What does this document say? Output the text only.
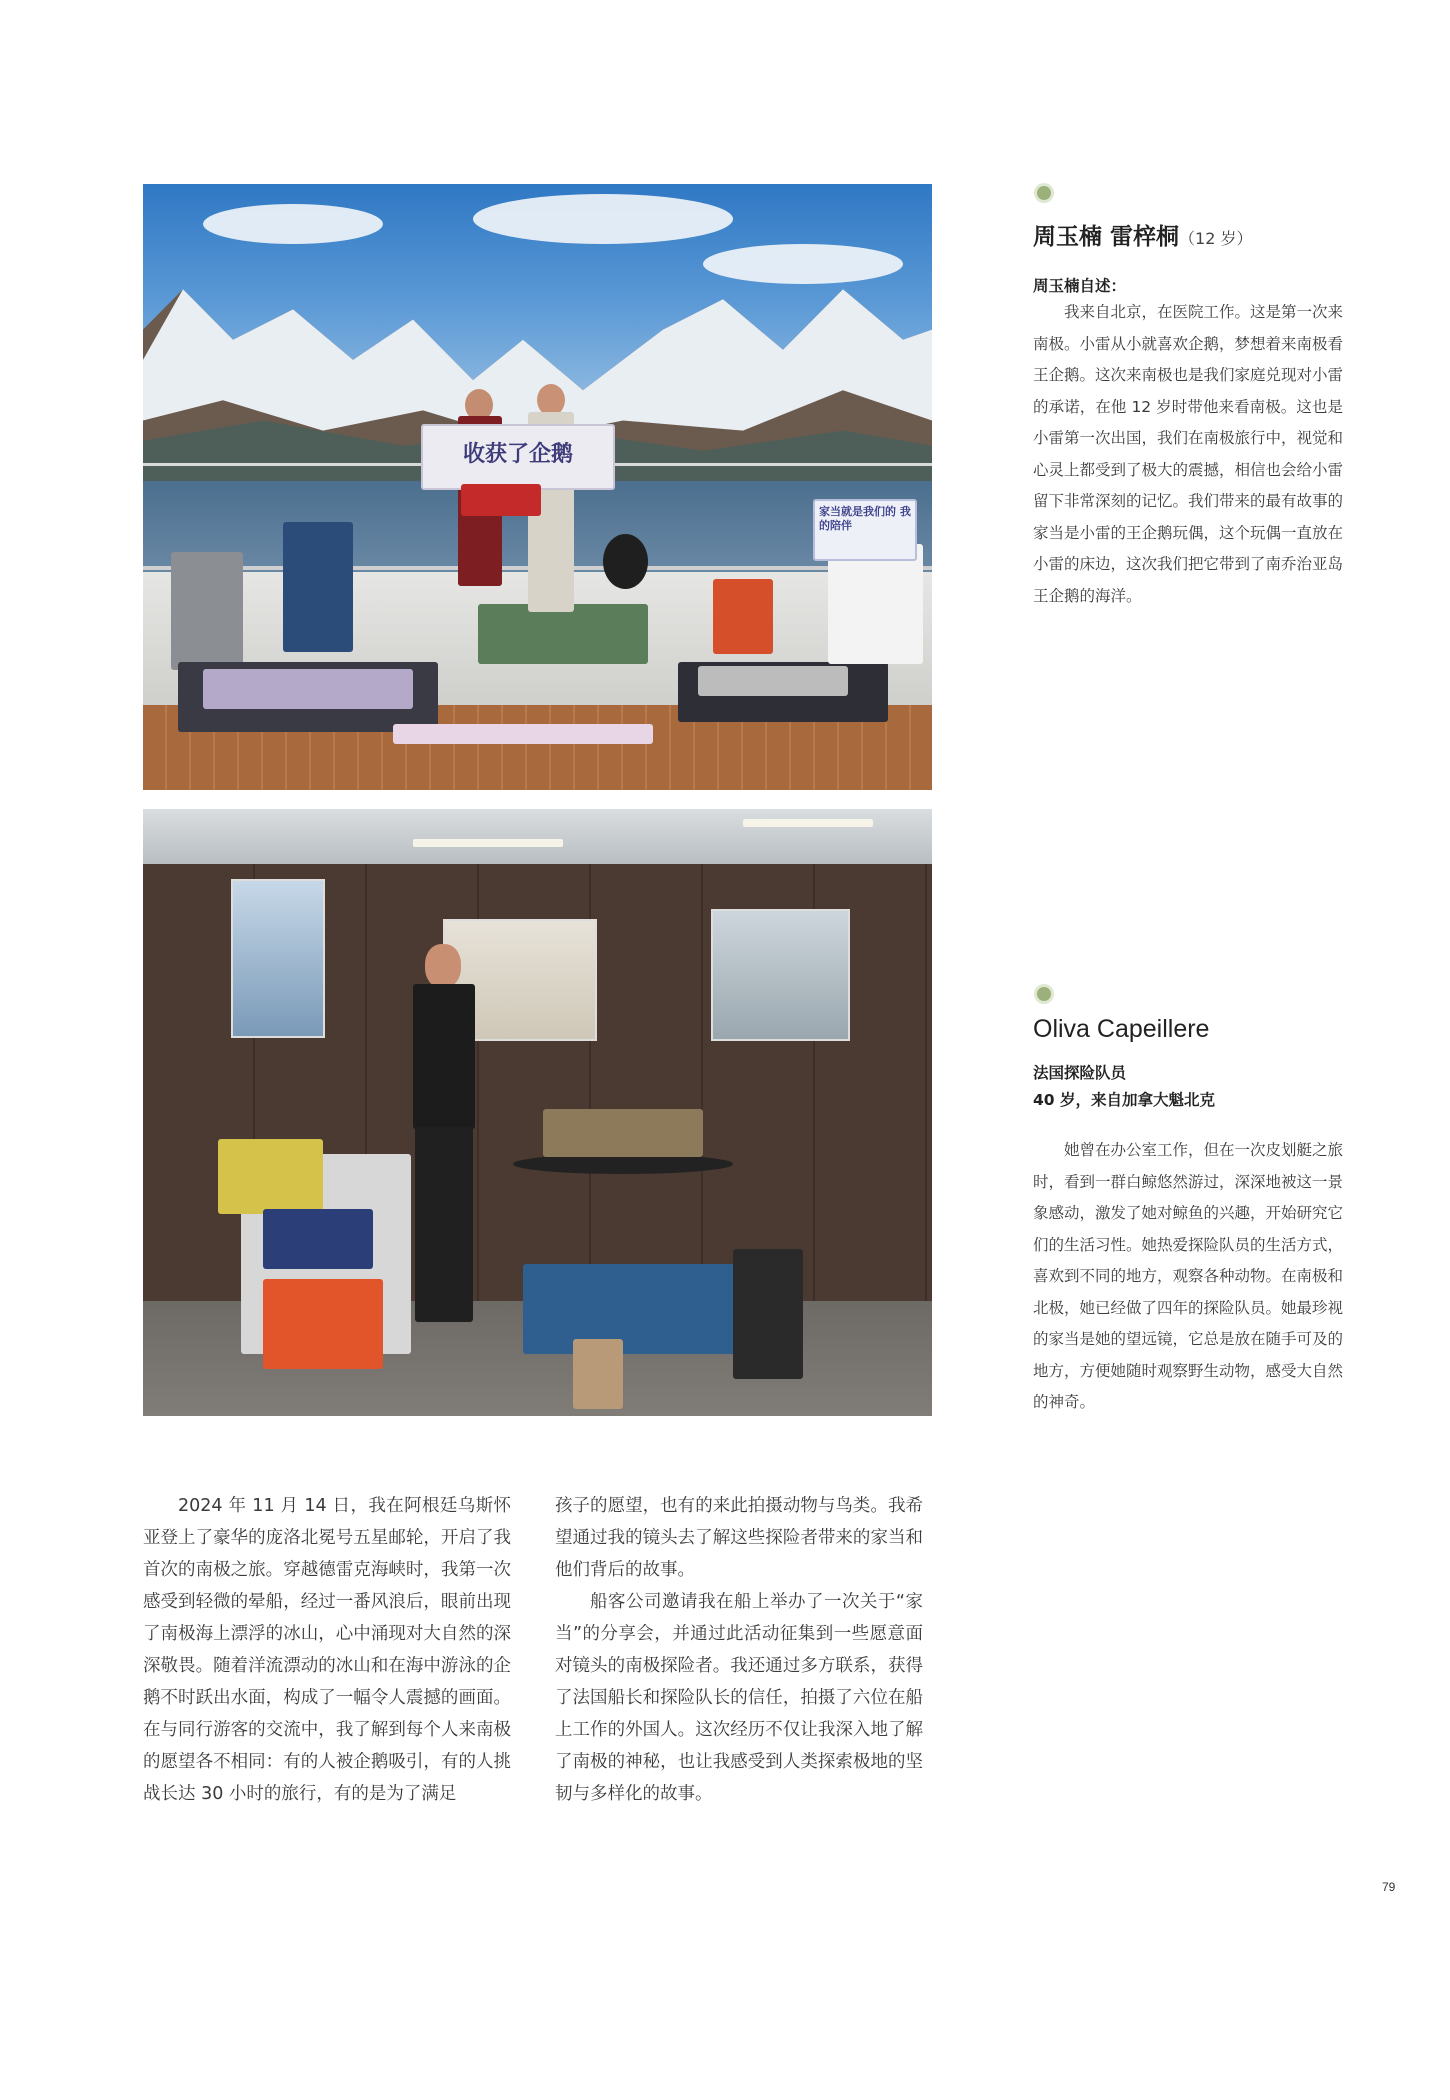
收获了企鹅
家当就是我们的 我的陪伴
周玉楠 雷梓桐（12 岁）
周玉楠自述：

我来自北京，在医院工作。这是第一次来南极。小雷从小就喜欢企鹅，梦想着来南极看王企鹅。这次来南极也是我们家庭兑现对小雷的承诺，在他 12 岁时带他来看南极。这也是小雷第一次出国，我们在南极旅行中，视觉和心灵上都受到了极大的震撼，相信也会给小雷留下非常深刻的记忆。我们带来的最有故事的家当是小雷的王企鹅玩偶，这个玩偶一直放在小雷的床边，这次我们把它带到了南乔治亚岛王企鹅的海洋。

Oliva Capeillere
法国探险队员
40 岁，来自加拿大魁北克

她曾在办公室工作，但在一次皮划艇之旅时，看到一群白鲸悠然游过，深深地被这一景象感动，激发了她对鲸鱼的兴趣，开始研究它们的生活习性。她热爱探险队员的生活方式，喜欢到不同的地方，观察各种动物。在南极和北极，她已经做了四年的探险队员。她最珍视的家当是她的望远镜，它总是放在随手可及的地方，方便她随时观察野生动物，感受大自然的神奇。

2024 年 11 月 14 日，我在阿根廷乌斯怀亚登上了豪华的庞洛北冕号五星邮轮，开启了我首次的南极之旅。穿越德雷克海峡时，我第一次感受到轻微的晕船，经过一番风浪后，眼前出现了南极海上漂浮的冰山，心中涌现对大自然的深深敬畏。随着洋流漂动的冰山和在海中游泳的企鹅不时跃出水面，构成了一幅令人震撼的画面。在与同行游客的交流中，我了解到每个人来南极的愿望各不相同：有的人被企鹅吸引，有的人挑战长达 30 小时的旅行，有的是为了满足

孩子的愿望，也有的来此拍摄动物与鸟类。我希望通过我的镜头去了解这些探险者带来的家当和他们背后的故事。

船客公司邀请我在船上举办了一次关于“家当”的分享会，并通过此活动征集到一些愿意面对镜头的南极探险者。我还通过多方联系，获得了法国船长和探险队长的信任，拍摄了六位在船上工作的外国人。这次经历不仅让我深入地了解了南极的神秘，也让我感受到人类探索极地的坚韧与多样化的故事。

79
